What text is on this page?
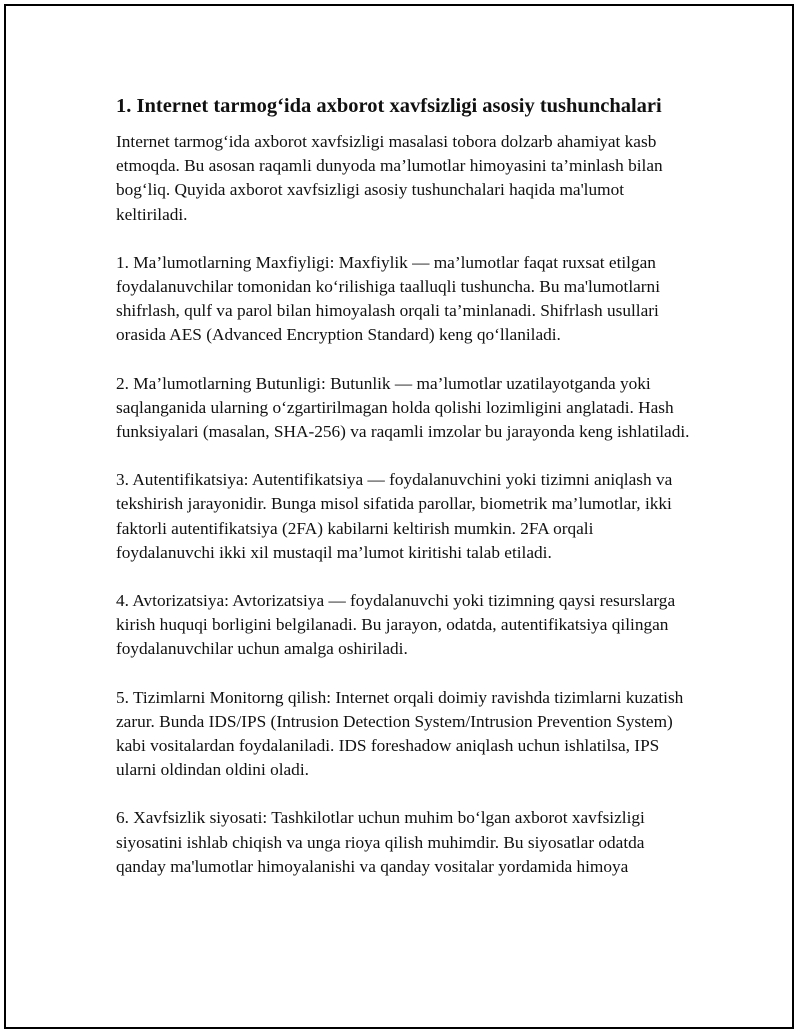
1. Internet tarmog‘ida axborot xavfsizligi asosiy tushunchalari

Internet tarmog‘ida axborot xavfsizligi masalasi tobora dolzarb ahamiyat kasb etmoqda. Bu asosan raqamli dunyoda ma’lumotlar himoyasini ta’minlash bilan bog‘liq. Quyida axborot xavfsizligi asosiy tushunchalari haqida ma'lumot keltiriladi.

1. Ma’lumotlarning Maxfiyligi: Maxfiylik — ma’lumotlar faqat ruxsat etilgan foydalanuvchilar tomonidan ko‘rilishiga taalluqli tushuncha. Bu ma'lumotlarni shifrlash, qulf va parol bilan himoyalash orqali ta’minlanadi. Shifrlash usullari orasida AES (Advanced Encryption Standard) keng qo‘llaniladi.

2. Ma’lumotlarning Butunligi: Butunlik — ma’lumotlar uzatilayotganda yoki saqlanganida ularning o‘zgartirilmagan holda qolishi lozimligini anglatadi. Hash funksiyalari (masalan, SHA-256) va raqamli imzolar bu jarayonda keng ishlatiladi.

3. Autentifikatsiya: Autentifikatsiya — foydalanuvchini yoki tizimni aniqlash va tekshirish jarayonidir. Bunga misol sifatida parollar, biometrik ma’lumotlar, ikki faktorli autentifikatsiya (2FA) kabilarni keltirish mumkin. 2FA orqali foydalanuvchi ikki xil mustaqil ma’lumot kiritishi talab etiladi.

4. Avtorizatsiya: Avtorizatsiya — foydalanuvchi yoki tizimning qaysi resurslarga kirish huquqi borligini belgilanadi. Bu jarayon, odatda, autentifikatsiya qilingan foydalanuvchilar uchun amalga oshiriladi.

5. Tizimlarni Monitorng qilish: Internet orqali doimiy ravishda tizimlarni kuzatish zarur. Bunda IDS/IPS (Intrusion Detection System/Intrusion Prevention System) kabi vositalardan foydalaniladi. IDS foreshadow aniqlash uchun ishlatilsa, IPS ularni oldindan oldini oladi.

6. Xavfsizlik siyosati: Tashkilotlar uchun muhim bo‘lgan axborot xavfsizligi siyosatini ishlab chiqish va unga rioya qilish muhimdir. Bu siyosatlar odatda qanday ma'lumotlar himoyalanishi va qanday vositalar yordamida himoya
